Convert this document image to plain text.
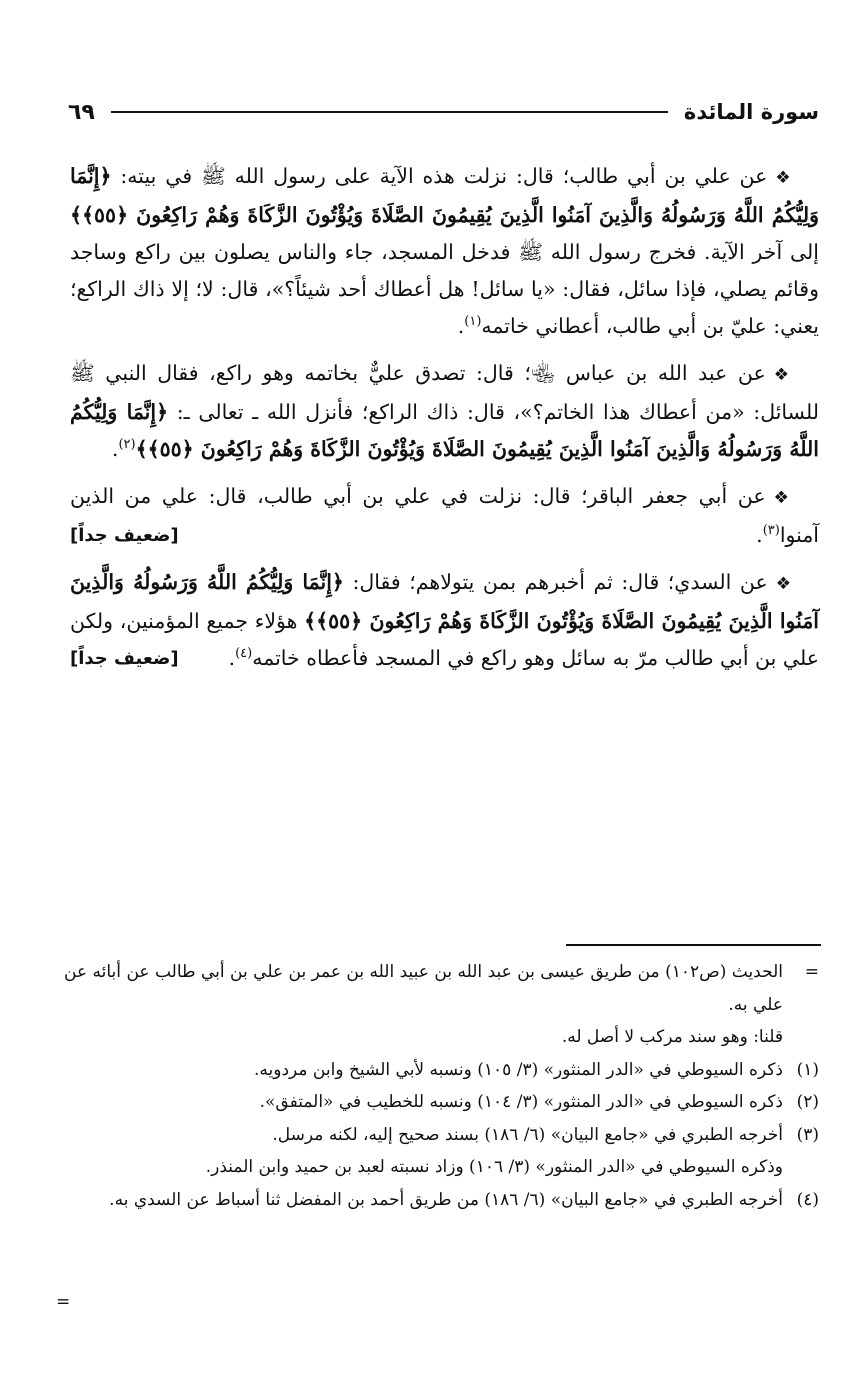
سورة المائدة
٦٩

❖عن علي بن أبي طالب؛ قال: نزلت هذه الآية على رسول الله ﷺ في بيته: ﴿إِنَّمَا وَلِيُّكُمُ اللَّهُ وَرَسُولُهُ وَالَّذِينَ آمَنُوا الَّذِينَ يُقِيمُونَ الصَّلَاةَ وَيُؤْتُونَ الزَّكَاةَ وَهُمْ رَاكِعُونَ ﴿٥٥﴾﴾ إلى آخر الآية. فخرج رسول الله ﷺ فدخل المسجد، جاء والناس يصلون بين راكع وساجد وقائم يصلي، فإذا سائل، فقال: «يا سائل! هل أعطاك أحد شيئاً؟»، قال: لا؛ إلا ذاك الراكع؛ يعني: عليّ بن أبي طالب، أعطاني خاتمه$^{(١)}$.

❖عن عبد الله بن عباس ﵄؛ قال: تصدق عليٌّ بخاتمه وهو راكع، فقال النبي ﷺ للسائل: «من أعطاك هذا الخاتم؟»، قال: ذاك الراكع؛ فأنزل الله ـ تعالى ـ: ﴿إِنَّمَا وَلِيُّكُمُ اللَّهُ وَرَسُولُهُ وَالَّذِينَ آمَنُوا الَّذِينَ يُقِيمُونَ الصَّلَاةَ وَيُؤْتُونَ الزَّكَاةَ وَهُمْ رَاكِعُونَ ﴿٥٥﴾﴾$^{(٢)}$.

❖عن أبي جعفر الباقر؛ قال: نزلت في علي بن أبي طالب، قال: علي من الذين آمنوا$^{(٣)}$.
[ضعيف جداً]

❖عن السدي؛ قال: ثم أخبرهم بمن يتولاهم؛ فقال: ﴿إِنَّمَا وَلِيُّكُمُ اللَّهُ وَرَسُولُهُ وَالَّذِينَ آمَنُوا الَّذِينَ يُقِيمُونَ الصَّلَاةَ وَيُؤْتُونَ الزَّكَاةَ وَهُمْ رَاكِعُونَ ﴿٥٥﴾﴾ هؤلاء جميع المؤمنين، ولكن علي بن أبي طالب مرّ به سائل وهو راكع في المسجد فأعطاه خاتمه$^{(٤)}$.
[ضعيف جداً]

=
الحديث (ص١٠٢) من طريق عيسى بن عبد الله بن عبيد الله بن عمر بن علي بن أبي طالب عن أبائه عن علي به.
قلنا: وهو سند مركب لا أصل له.
(١)
ذكره السيوطي في «الدر المنثور» (٣/ ١٠٥) ونسبه لأبي الشيخ وابن مردويه.
(٢)
ذكره السيوطي في «الدر المنثور» (٣/ ١٠٤) ونسبه للخطيب في «المتفق».
(٣)
أخرجه الطبري في «جامع البيان» (٦/ ١٨٦) بسند صحيح إليه، لكنه مرسل.
وذكره السيوطي في «الدر المنثور» (٣/ ١٠٦) وزاد نسبته لعبد بن حميد وابن المنذر.
(٤)
أخرجه الطبري في «جامع البيان» (٦/ ١٨٦) من طريق أحمد بن المفضل ثنا أسباط عن السدي به.
=
